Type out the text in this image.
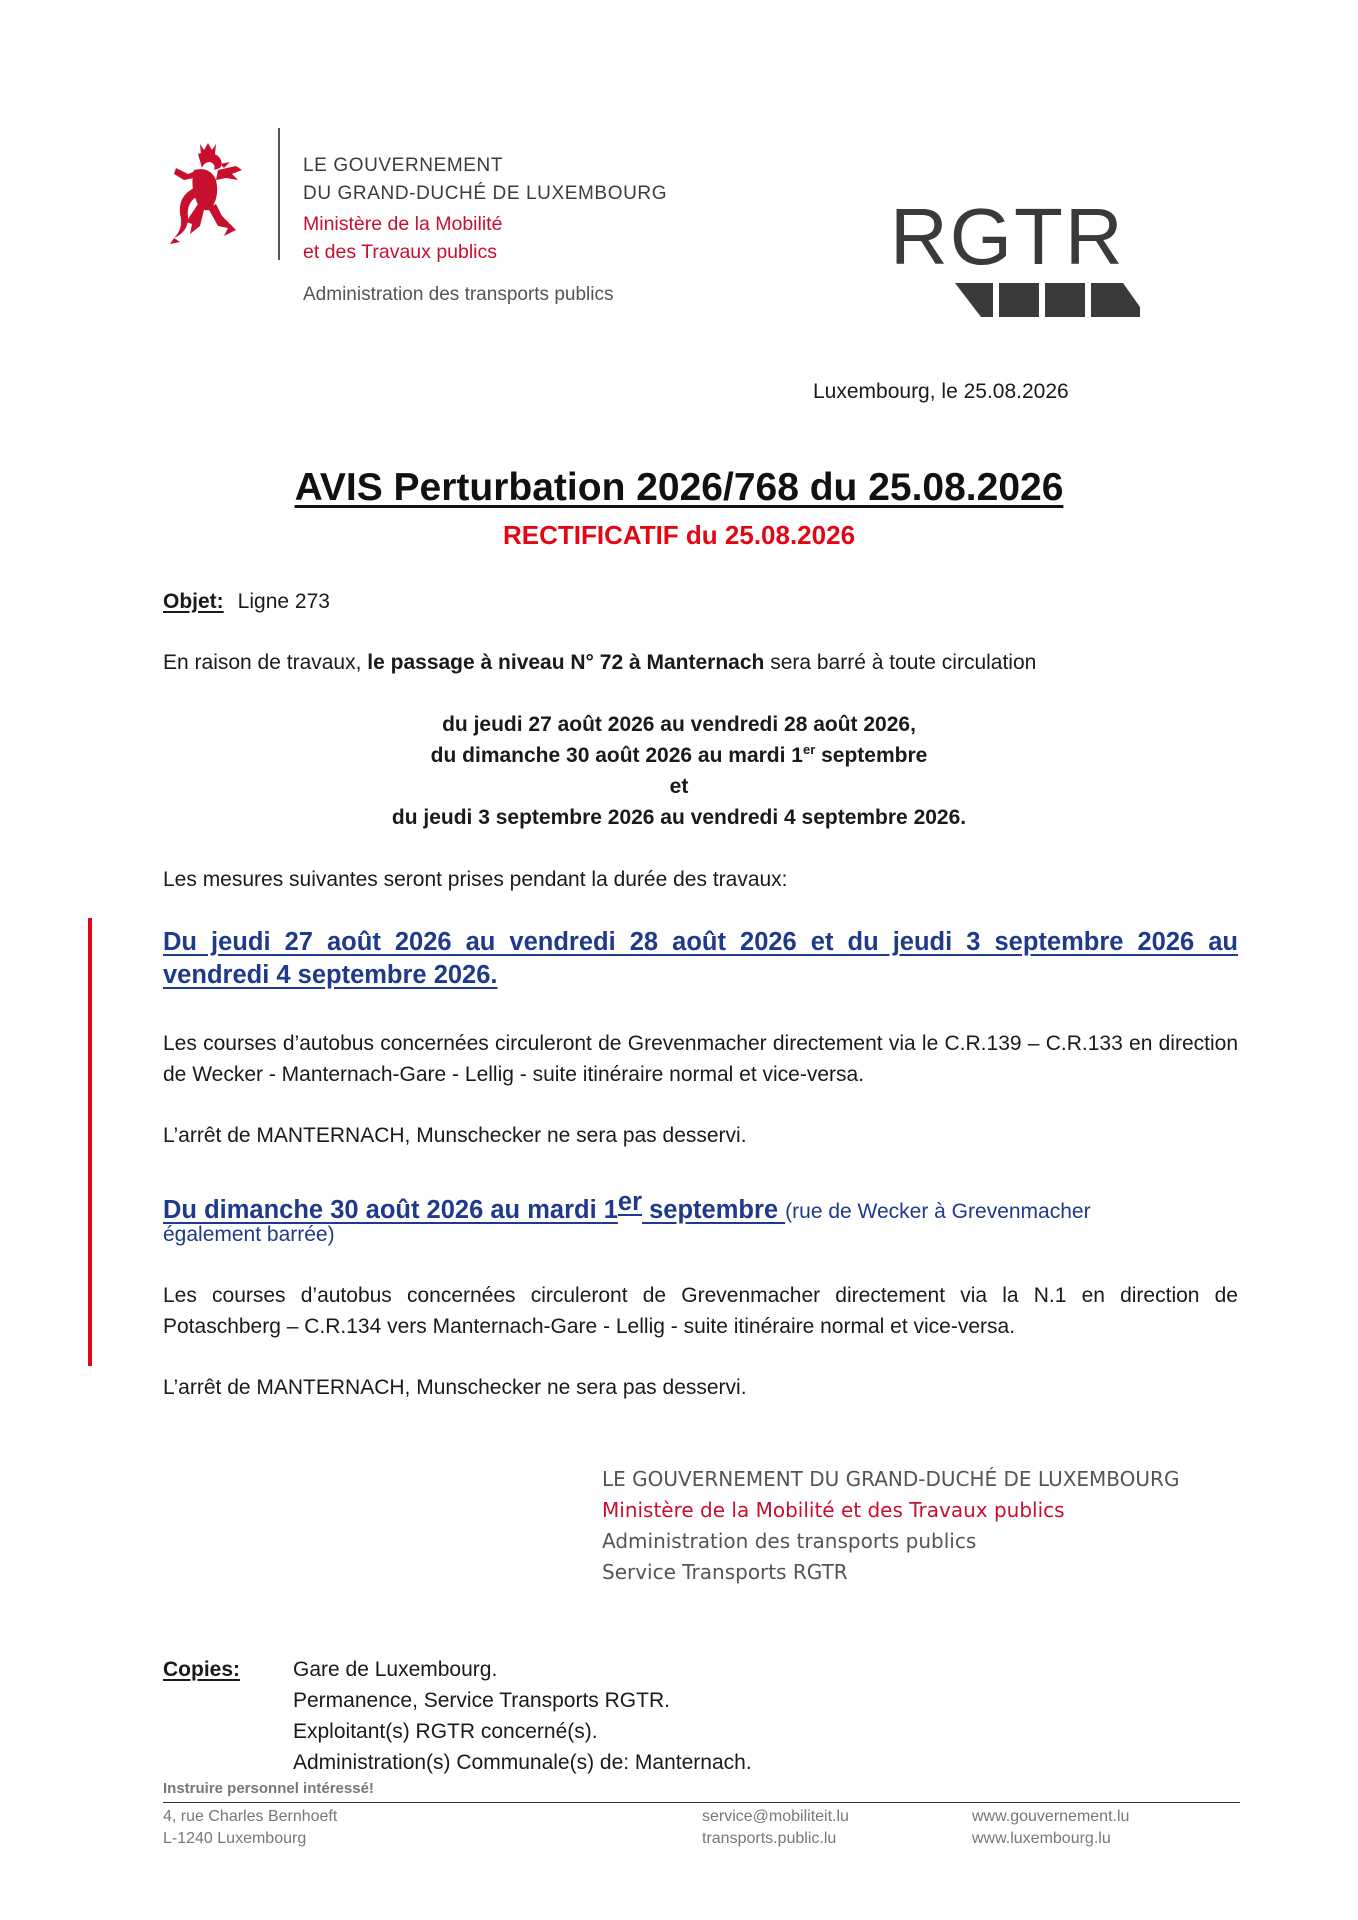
LE GOUVERNEMENT
DU GRAND-DUCHÉ DE LUXEMBOURG
Ministère de la Mobilité
et des Travaux publics
Administration des transports publics
RGTR
Luxembourg, le 25.08.2026
AVIS Perturbation 2026/768 du 25.08.2026
RECTIFICATIF du 25.08.2026
Objet: Ligne 273
En raison de travaux, le passage à niveau N° 72 à Manternach sera barré à toute circulation
du jeudi 27 août 2026 au vendredi 28 août 2026,
du dimanche 30 août 2026 au mardi 1er septembre
et
du jeudi 3 septembre 2026 au vendredi 4 septembre 2026.
Les mesures suivantes seront prises pendant la durée des travaux:
Du jeudi 27 août 2026 au vendredi 28 août 2026 et du jeudi 3 septembre 2026 au vendredi 4 septembre 2026.
Les courses d’autobus concernées circuleront de Grevenmacher directement via le C.R.139 – C.R.133 en direction de Wecker - Manternach-Gare - Lellig - suite itinéraire normal et vice-versa.
L’arrêt de MANTERNACH, Munschecker ne sera pas desservi.
Du dimanche 30 août 2026 au mardi 1er septembre (rue de Wecker à Grevenmacher
également barrée)
Les courses d’autobus concernées circuleront de Grevenmacher directement via la N.1 en direction de Potaschberg – C.R.134 vers Manternach-Gare - Lellig - suite itinéraire normal et vice-versa.
L’arrêt de MANTERNACH, Munschecker ne sera pas desservi.
LE GOUVERNEMENT DU GRAND-DUCHÉ DE LUXEMBOURG
Ministère de la Mobilité et des Travaux publics
Administration des transports publics
Service Transports RGTR
Copies:	Gare de Luxembourg.
Permanence, Service Transports RGTR.
Exploitant(s) RGTR concerné(s).
Administration(s) Communale(s) de: Manternach.
Instruire personnel intéressé!
4, rue Charles Bernhoeft
L-1240 Luxembourg
service@mobiliteit.lu
transports.public.lu
www.gouvernement.lu
www.luxembourg.lu
